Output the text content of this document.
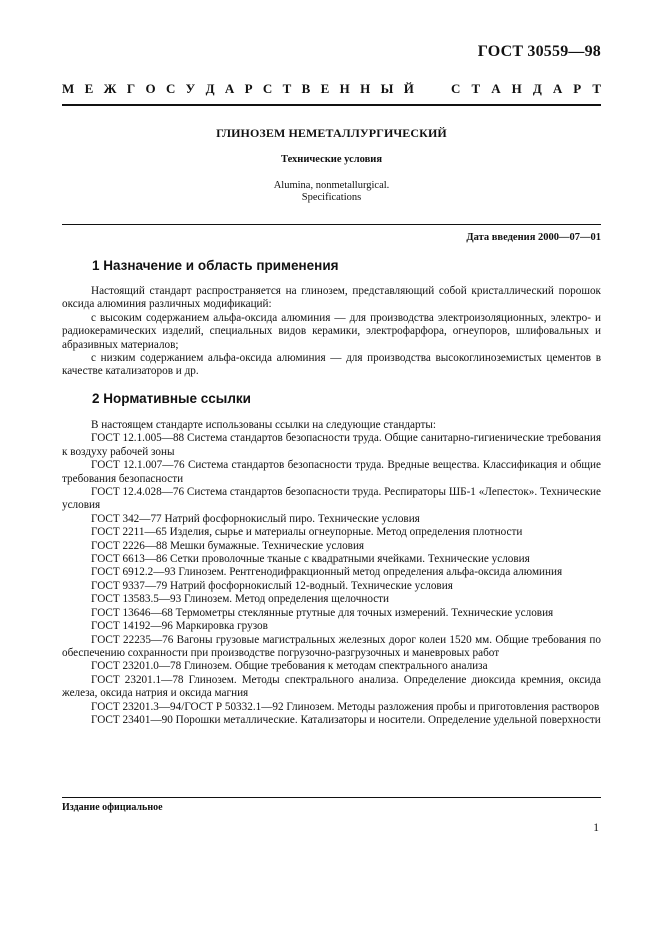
ГОСТ 30559—98
М Е Ж Г О С У Д А Р С Т В Е Н Н Ы Й	С Т А Н Д А Р Т
ГЛИНОЗЕМ НЕМЕТАЛЛУРГИЧЕСКИЙ
Технические условия
Alumina, nonmetallurgical.
Specifications
Дата введения 2000—07—01
1 Назначение и область применения

Настоящий стандарт распространяется на глинозем, представляющий собой кристаллический порошок оксида алюминия различных модификаций:

с высоким содержанием альфа-оксида алюминия — для производства электроизоляционных, электро- и радиокерамических изделий, специальных видов керамики, электрофарфора, огнеупоров, шлифовальных и абразивных материалов;

с низким содержанием альфа-оксида алюминия — для производства высокоглиноземистых цементов в качестве катализаторов и др.

2 Нормативные ссылки

В настоящем стандарте использованы ссылки на следующие стандарты:

ГОСТ 12.1.005—88 Система стандартов безопасности труда. Общие санитарно-гигиенические требования к воздуху рабочей зоны

ГОСТ 12.1.007—76 Система стандартов безопасности труда. Вредные вещества. Классификация и общие требования безопасности

ГОСТ 12.4.028—76 Система стандартов безопасности труда. Респираторы ШБ-1 «Лепесток». Технические условия

ГОСТ 342—77 Натрий фосфорнокислый пиро. Технические условия

ГОСТ 2211—65 Изделия, сырье и материалы огнеупорные. Метод определения плотности

ГОСТ 2226—88 Мешки бумажные. Технические условия

ГОСТ 6613—86 Сетки проволочные тканые с квадратными ячейками. Технические условия

ГОСТ 6912.2—93 Глинозем. Рентгенодифракционный метод определения альфа-оксида алюминия

ГОСТ 9337—79 Натрий фосфорнокислый 12-водный. Технические условия

ГОСТ 13583.5—93 Глинозем. Метод определения щелочности

ГОСТ 13646—68 Термометры стеклянные ртутные для точных измерений. Технические условия

ГОСТ 14192—96 Маркировка грузов

ГОСТ 22235—76 Вагоны грузовые магистральных железных дорог колеи 1520 мм. Общие требования по обеспечению сохранности при производстве погрузочно-разгрузочных и маневровых работ

ГОСТ 23201.0—78 Глинозем. Общие требования к методам спектрального анализа

ГОСТ 23201.1—78 Глинозем. Методы спектрального анализа. Определение диоксида кремния, оксида железа, оксида натрия и оксида магния

ГОСТ 23201.3—94/ГОСТ Р 50332.1—92 Глинозем. Методы разложения пробы и приготовления растворов

ГОСТ 23401—90 Порошки металлические. Катализаторы и носители. Определение удельной поверхности

Издание официальное
1
